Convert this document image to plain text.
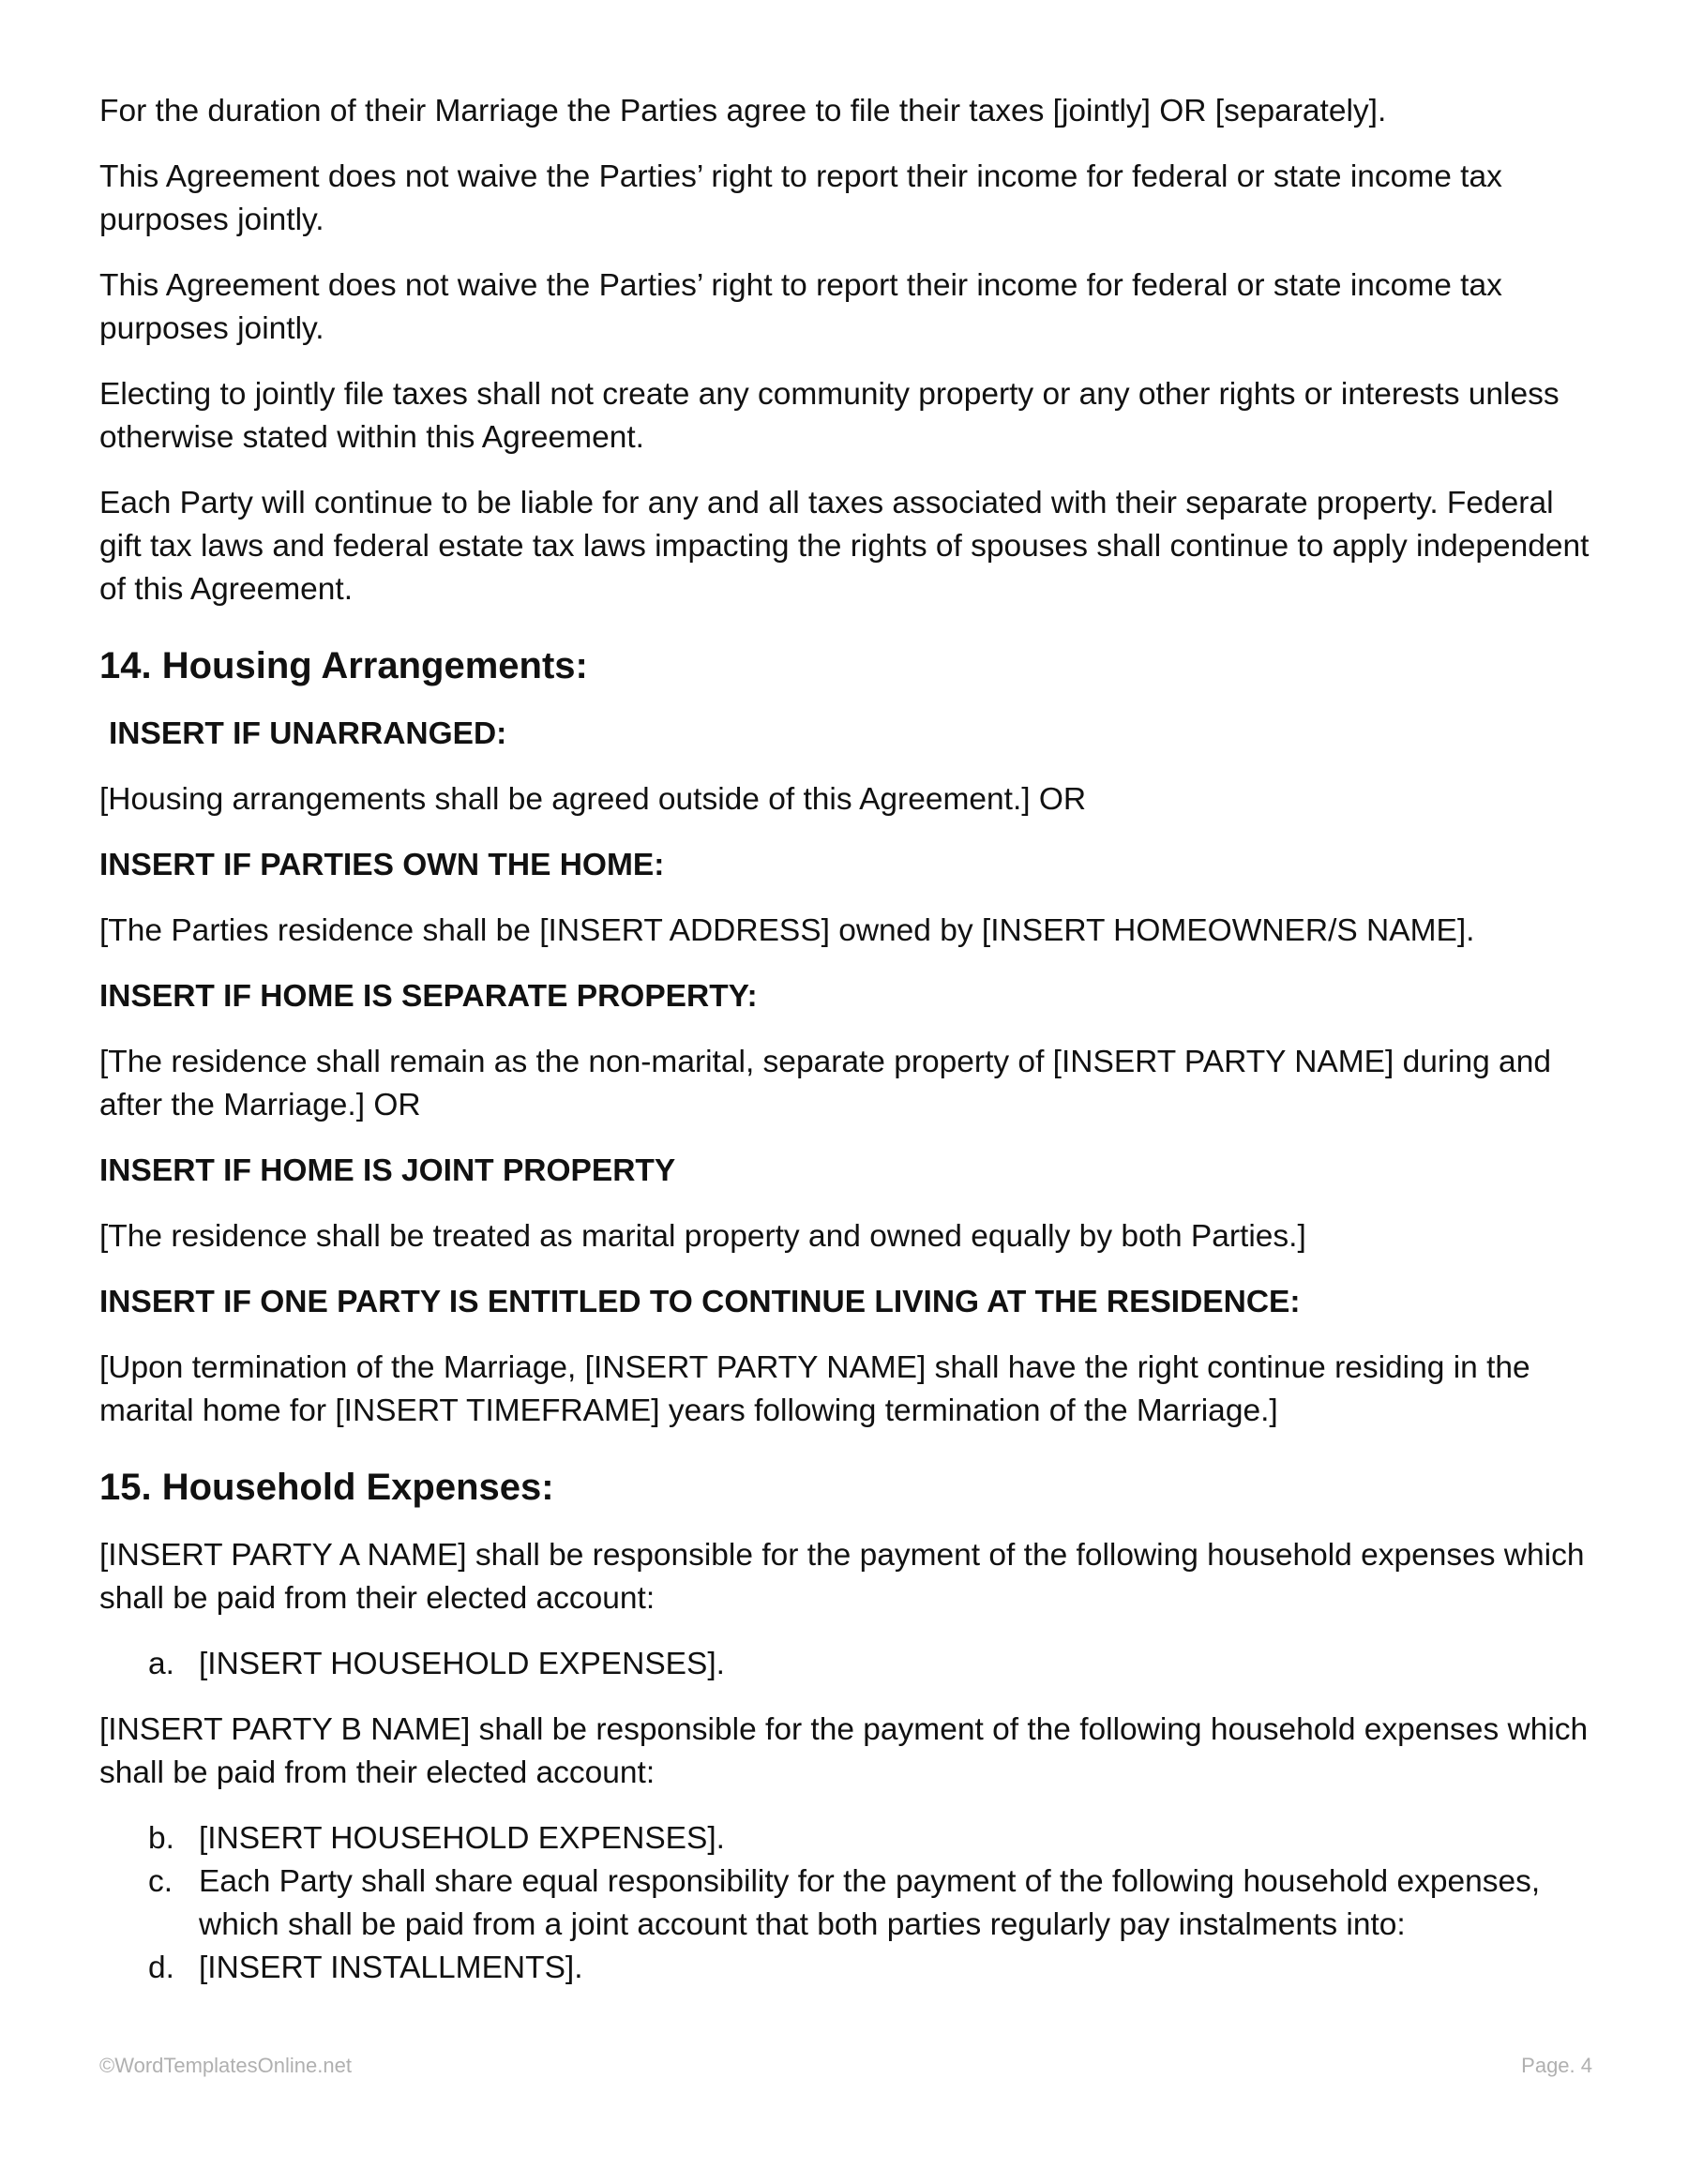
For the duration of their Marriage the Parties agree to file their taxes [jointly] OR [separately].

This Agreement does not waive the Parties’ right to report their income for federal or state income tax purposes jointly.

This Agreement does not waive the Parties’ right to report their income for federal or state income tax purposes jointly.

Electing to jointly file taxes shall not create any community property or any other rights or interests unless otherwise stated within this Agreement.

Each Party will continue to be liable for any and all taxes associated with their separate property. Federal gift tax laws and federal estate tax laws impacting the rights of spouses shall continue to apply independent of this Agreement.

14. Housing Arrangements:
INSERT IF UNARRANGED:

[Housing arrangements shall be agreed outside of this Agreement.] OR

INSERT IF PARTIES OWN THE HOME:

[The Parties residence shall be [INSERT ADDRESS] owned by [INSERT HOMEOWNER/S NAME].

INSERT IF HOME IS SEPARATE PROPERTY:

[The residence shall remain as the non-marital, separate property of [INSERT PARTY NAME] during and after the Marriage.] OR

INSERT IF HOME IS JOINT PROPERTY

[The residence shall be treated as marital property and owned equally by both Parties.]

INSERT IF ONE PARTY IS ENTITLED TO CONTINUE LIVING AT THE RESIDENCE:

[Upon termination of the Marriage, [INSERT PARTY NAME] shall have the right continue residing in the marital home for [INSERT TIMEFRAME] years following termination of the Marriage.]

15. Household Expenses:

[INSERT PARTY A NAME] shall be responsible for the payment of the following household expenses which shall be paid from their elected account:

a. [INSERT HOUSEHOLD EXPENSES].

[INSERT PARTY B NAME] shall be responsible for the payment of the following household expenses which shall be paid from their elected account:

b. [INSERT HOUSEHOLD EXPENSES].
c. Each Party shall share equal responsibility for the payment of the following household expenses, which shall be paid from a joint account that both parties regularly pay instalments into:
d. [INSERT INSTALLMENTS].
©WordTemplatesOnline.net	Page. 4
